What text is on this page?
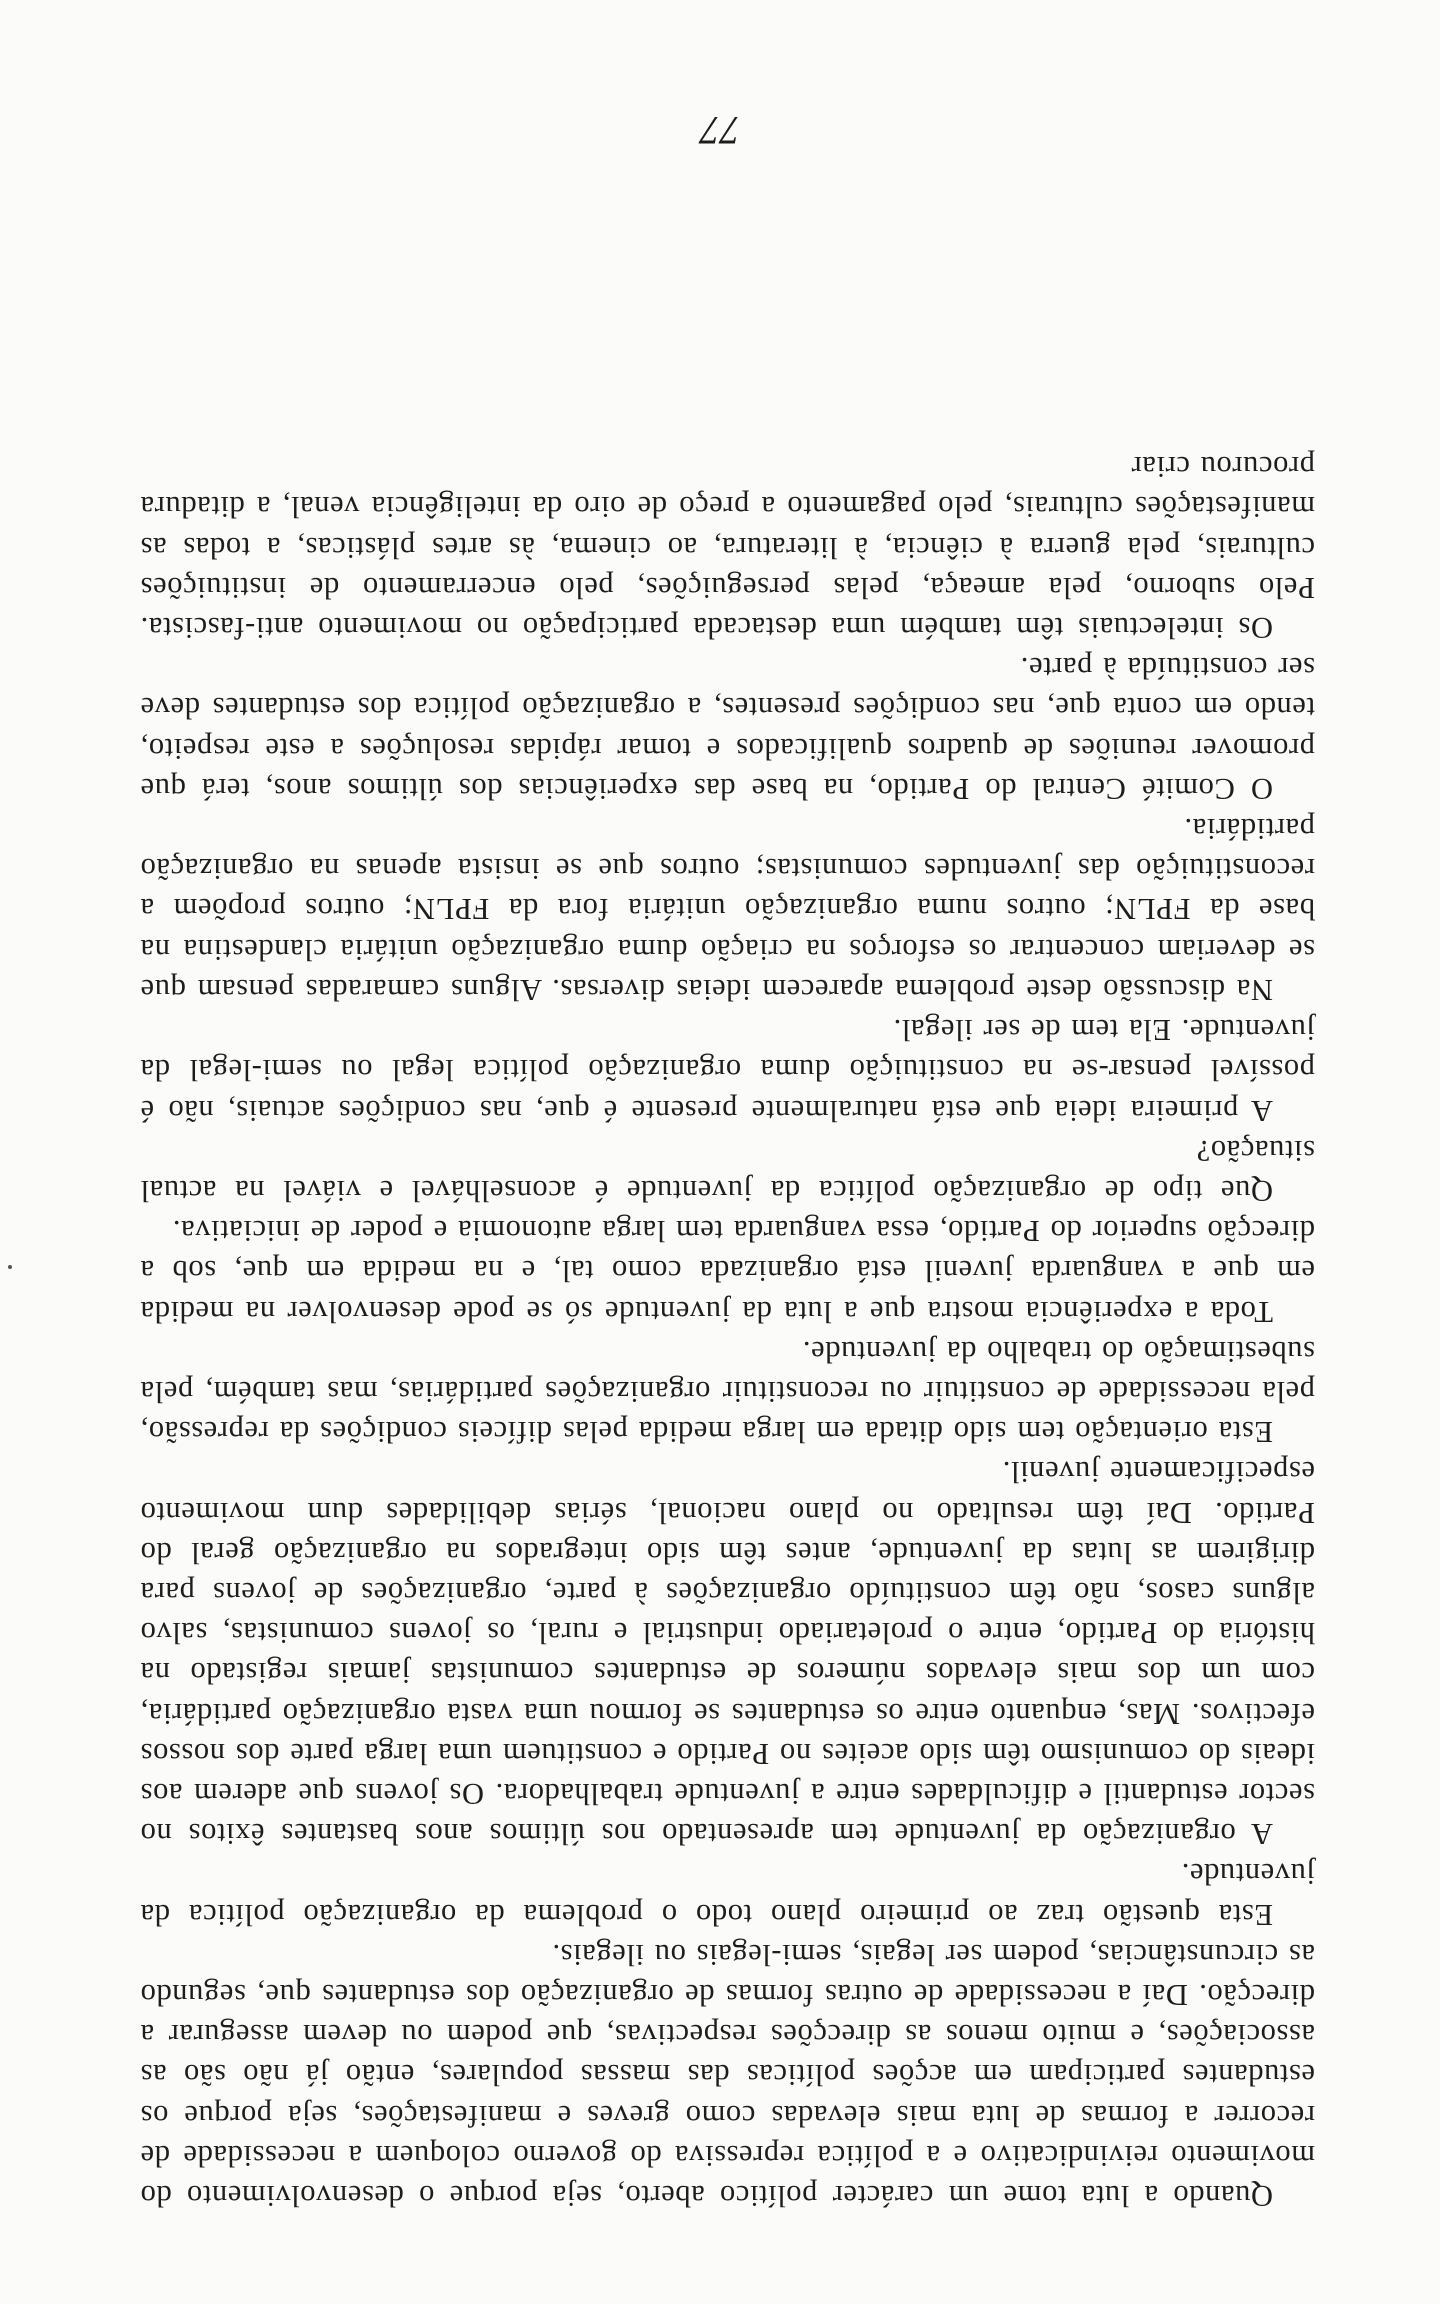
Quando a luta tome um carácter político aberto, seja porque o desenvolvimento do movimento reivindicativo e a política repressiva do governo coloquem a necessidade de recorrer a formas de luta mais elevadas como greves e manifestações, seja porque os estudantes participam em acções políticas das massas populares, então já não são as associações, e muito menos as direcções respectivas, que podem ou devem assegurar a direcção. Daí a necessidade de outras formas de organização dos estudantes que, segundo as circunstâncias, podem ser legais, semi-legais ou ilegais.

Esta questão traz ao primeiro plano todo o problema da organização política da juventude.

A organização da juventude tem apresentado nos últimos anos bastantes êxitos no sector estudantil e dificuldades entre a juventude trabalhadora. Os jovens que aderem aos ideais do comunismo têm sido aceites no Partido e constituem uma larga parte dos nossos efectivos. Mas, enquanto entre os estudantes se formou uma vasta organização partidária, com um dos mais elevados números de estudantes comunistas jamais registado na história do Partido, entre o proletariado industrial e rural, os jovens comunistas, salvo alguns casos, não têm constituído organizações à parte, organizações de jovens para dirigirem as lutas da juventude, antes têm sido integrados na organização geral do Partido. Daí têm resultado no plano nacional, sérias debilidades dum movimento especificamente juvenil.

Esta orientação tem sido ditada em larga medida pelas difíceis condições da repressão, pela necessidade de constituir ou reconstituir organizações partidárias, mas também, pela subestimação do trabalho da juventude.

Toda a experiência mostra que a luta da juventude só se pode desenvolver na medida em que a vanguarda juvenil está organizada como tal, e na medida em que, sob a direcção superior do Partido, essa vanguarda tem larga autonomia e poder de iniciativa.

Que tipo de organização política da juventude é aconselhável e viável na actual situação?

A primeira ideia que está naturalmente presente é que, nas condições actuais, não é possível pensar-se na constituição duma organização política legal ou semi-legal da juventude. Ela tem de ser ilegal.

Na discussão deste problema aparecem ideias diversas. Alguns camaradas pensam que se deveriam concentrar os esforços na criação duma organização unitária clandestina na base da FPLN; outros numa organização unitária fora da FPLN; outros propõem a reconstituição das juventudes comunistas; outros que se insista apenas na organização partidária.

O Comité Central do Partido, na base das experiências dos últimos anos, terá que promover reuniões de quadros qualificados e tomar rápidas resoluções a este respeito, tendo em conta que, nas condições presentes, a organização política dos estudantes deve ser constituída à parte.

Os intelectuais têm também uma destacada participação no movimento anti-fascista. Pelo suborno, pela ameaça, pelas perseguições, pelo encerramento de instituições culturais, pela guerra à ciência, à literatura, ao cinema, às artes plásticas, a todas as manifestações culturais, pelo pagamento a preço de oiro da inteligência venal, a ditadura procurou criar

77
